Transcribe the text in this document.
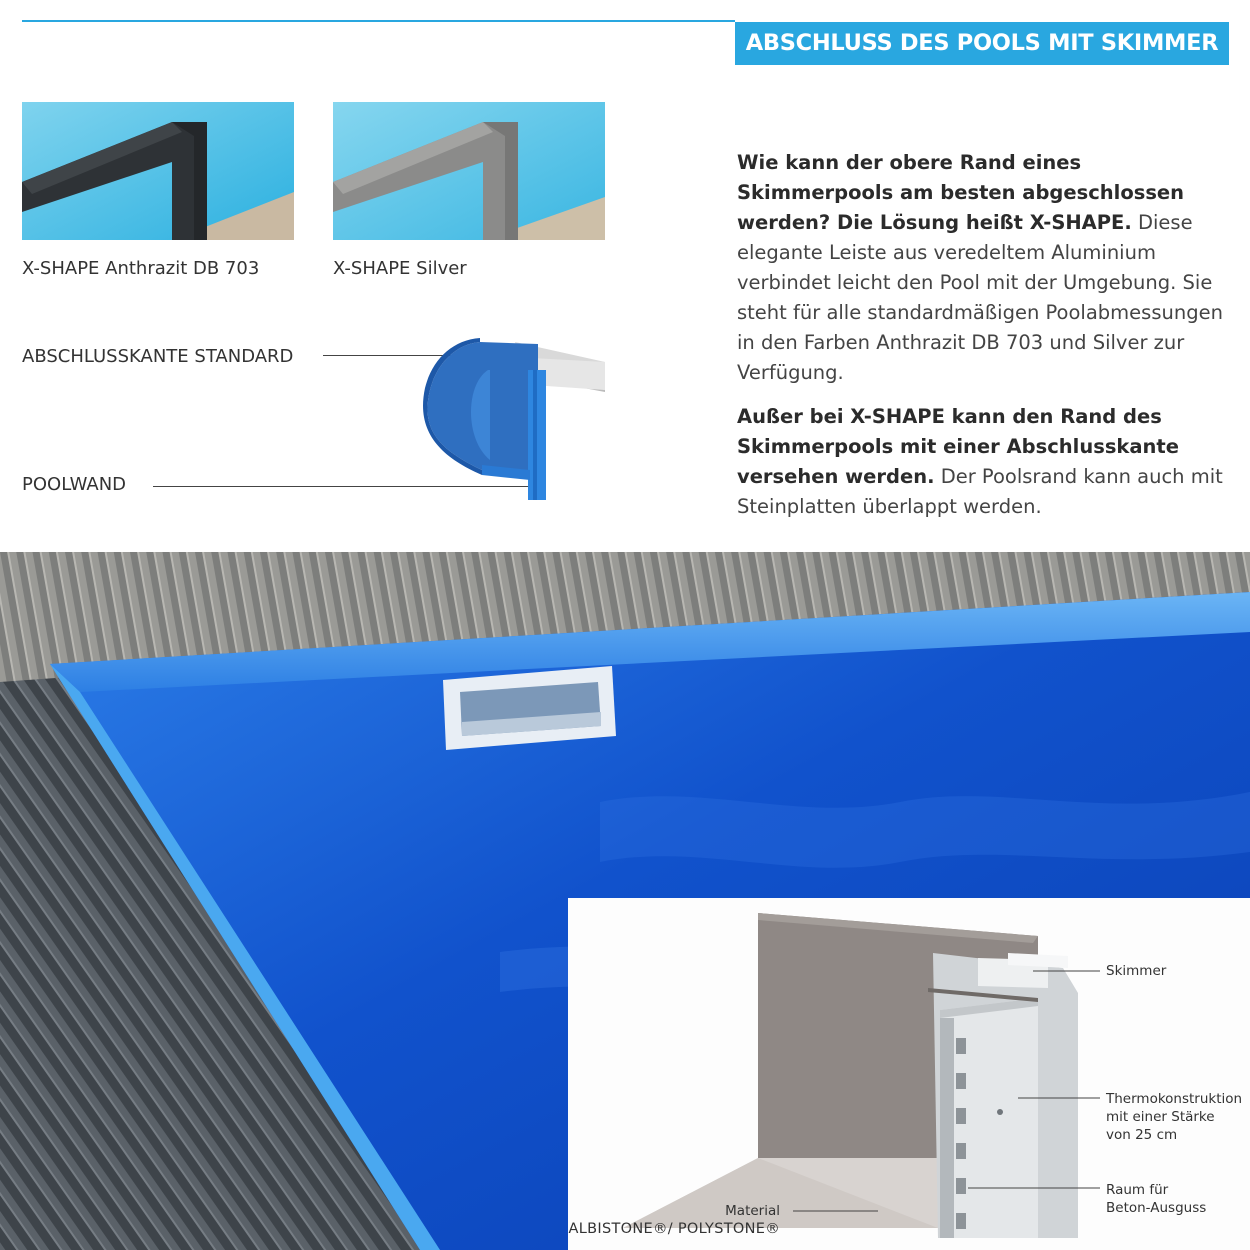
ABSCHLUSS DES POOLS MIT SKIMMER
X-SHAPE Anthrazit DB 703	X-SHAPE Silver
ABSCHLUSSKANTE STANDARD
POOLWAND

Wie kann der obere Rand eines Skimmerpools am besten abgeschlossen werden? Die Lösung heißt X-SHAPE. Diese elegante Leiste aus veredeltem Aluminium verbindet leicht den Pool mit der Umgebung. Sie steht für alle standardmäßigen Poolabmessungen in den Farben Anthrazit DB 703 und Silver zur Verfügung.

Außer bei X-SHAPE kann den Rand des Skimmerpools mit einer Abschlusskante versehen werden. Der Poolsrand kann auch mit Steinplatten überlappt werden.

Skimmer
Thermokonstruktion
mit einer Stärke
von 25 cm
Raum für
Beton-Ausguss
Material
ALBISTONE®/ POLYSTONE®
